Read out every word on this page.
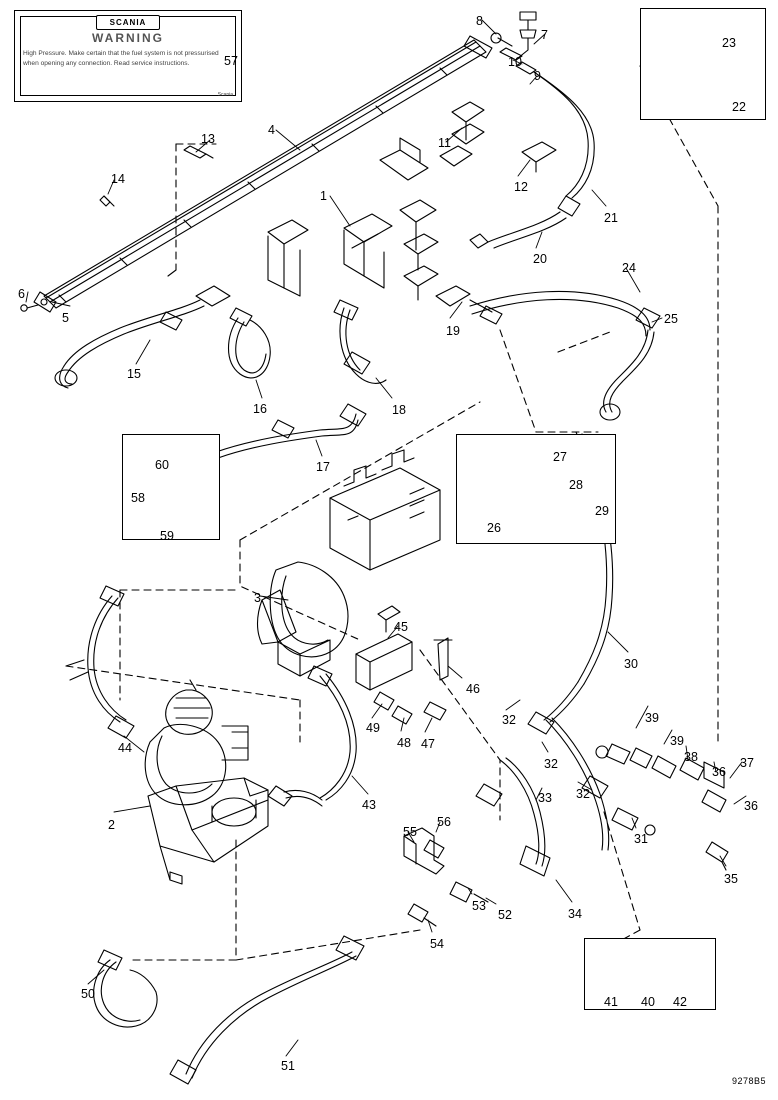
SCANIA
WARNING
High Pressure. Make certain that the fuel system is not pressurised when opening any connection. Read service instructions.
Scania
9278B5
1
2
3
4
5
6
7
8
9
10
11
12
13
14
15
16
17
18
19
20
21
22
23
24
25
26
27
28
29
30
31
32
32
32
33
34
35
36
36
37
38
39
39
40
41	42
43
44
45
46
47
48
49
50
51
52
53
54
55
56
57
58
59
60
